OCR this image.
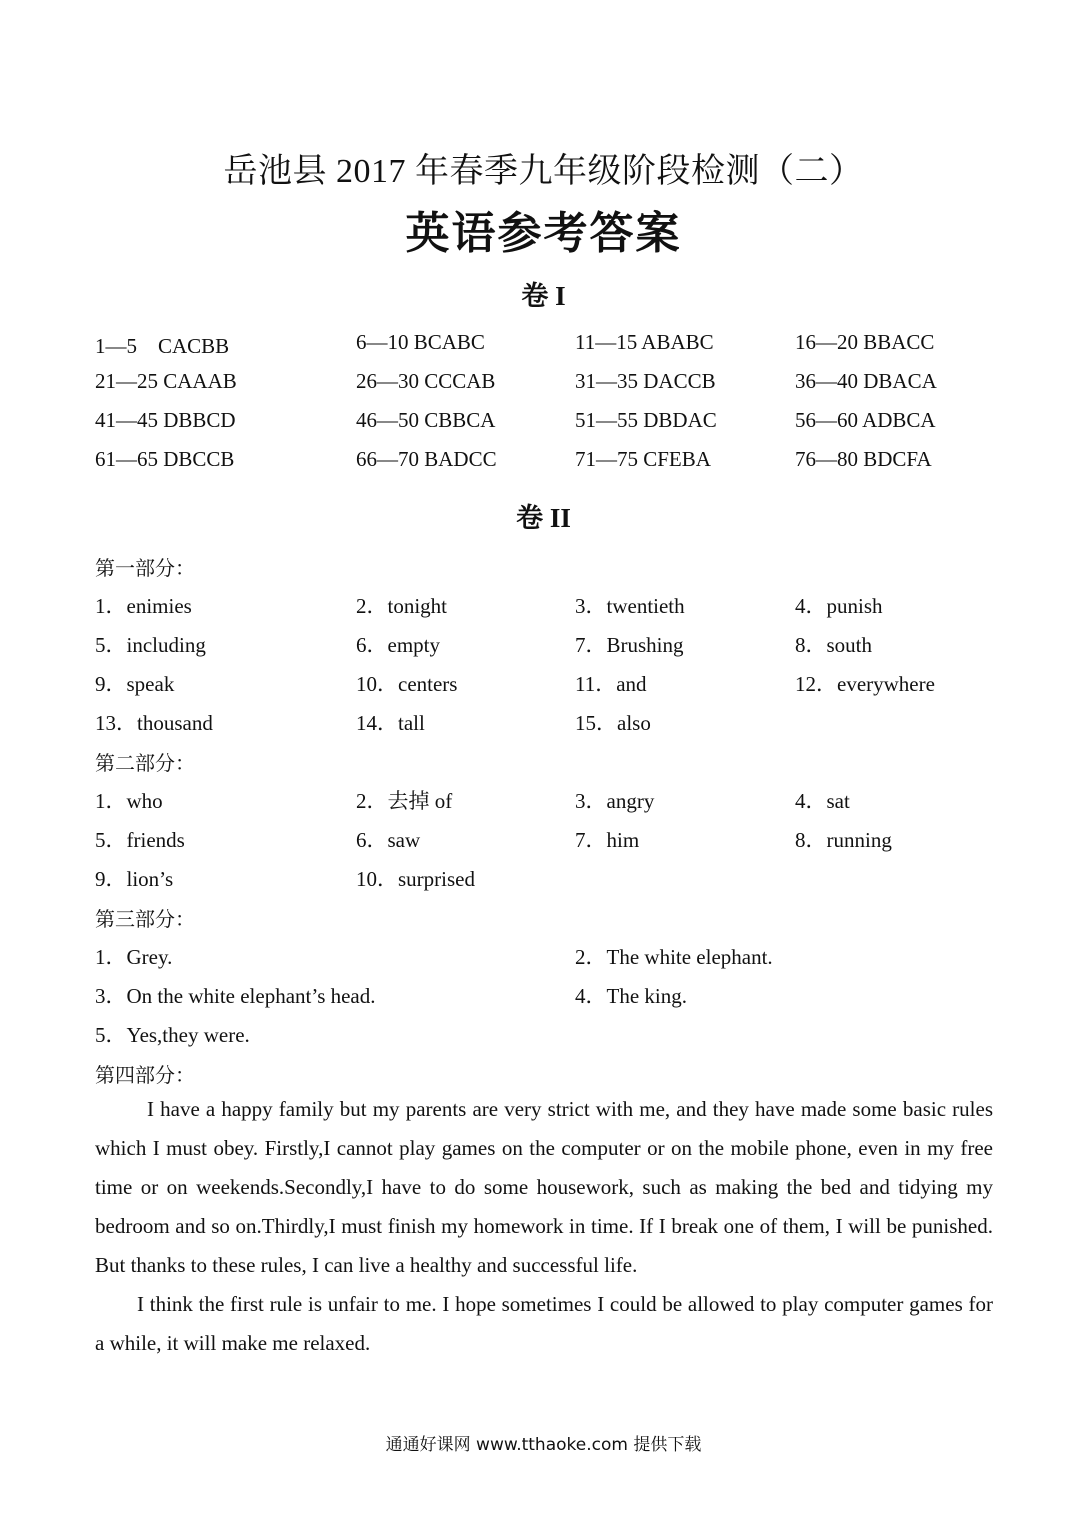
岳池县 2017 年春季九年级阶段检测（二）
英语参考答案
卷 I
1—5　CACBB	6—10 BCABC	11—15 ABABC	16—20 BBACC
21—25 CAAAB	26—30 CCCAB	31—35 DACCB	36—40 DBACA
41—45 DBBCD	46—50 CBBCA	51—55 DBDAC	56—60 ADBCA
61—65 DBCCB	66—70 BADCC	71—75 CFEBA	76—80 BDCFA
卷 II
第一部分：
1．enimies	2．tonight	3．twentieth	4．punish
5．including	6．empty	7．Brushing	8．south
9．speak	10．centers	11．and	12．everywhere
13．thousand	14．tall	15．also
第二部分：
1．who	2．去掉 of	3．angry	4．sat
5．friends	6．saw	7．him	8．running
9．lion’s	10．surprised
第三部分：
1．Grey.	2．The white elephant.
3．On the white elephant’s head.	4．The king.
5．Yes,they were.
第四部分：

I have a happy family but my parents are very strict with me, and they have made some basic rules which I must obey. Firstly,I cannot play games on the computer or on the mobile phone, even in my free time or on weekends.Secondly,I have to do some housework, such as making the bed and tidying my bedroom and so on.Thirdly,I must finish my homework in time. If I break one of them, I will be punished. But thanks to these rules, I can live a healthy and successful life.

I think the first rule is unfair to me. I hope sometimes I could be allowed to play computer games for a while, it will make me relaxed.

通通好课网 www.tthaoke.com 提供下载
